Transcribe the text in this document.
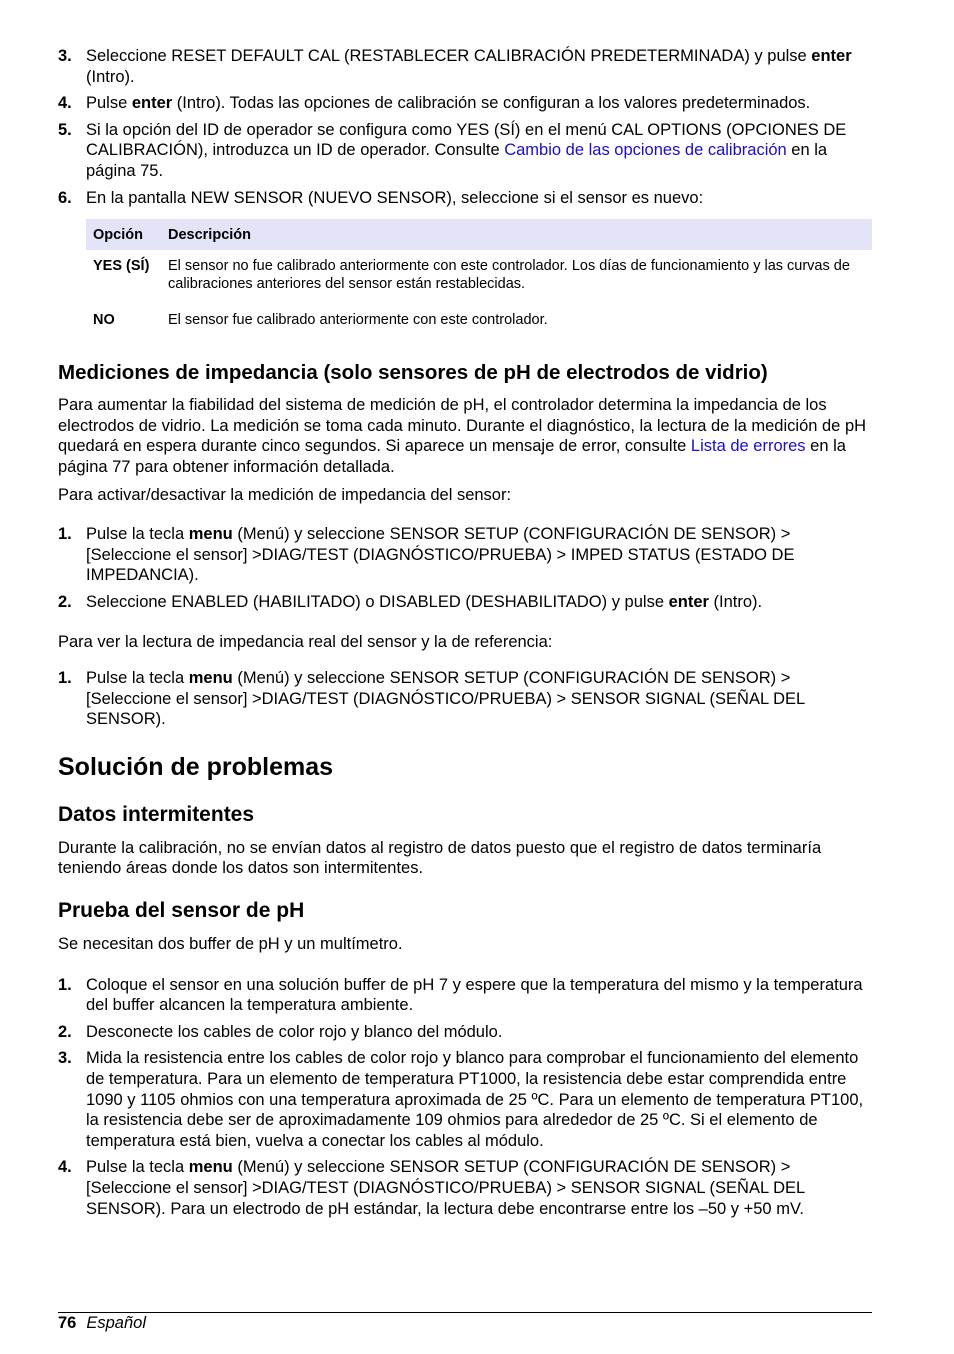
3. Seleccione RESET DEFAULT CAL (RESTABLECER CALIBRACIÓN PREDETERMINADA) y pulse enter (Intro).
4. Pulse enter (Intro). Todas las opciones de calibración se configuran a los valores predeterminados.
5. Si la opción del ID de operador se configura como YES (SÍ) en el menú CAL OPTIONS (OPCIONES DE CALIBRACIÓN), introduzca un ID de operador. Consulte Cambio de las opciones de calibración en la página 75.
6. En la pantalla NEW SENSOR (NUEVO SENSOR), seleccione si el sensor es nuevo:
Opción	Descripción
YES (SÍ)	El sensor no fue calibrado anteriormente con este controlador. Los días de funcionamiento y las curvas de calibraciones anteriores del sensor están restablecidas.
NO	El sensor fue calibrado anteriormente con este controlador.
Mediciones de impedancia (solo sensores de pH de electrodos de vidrio)

Para aumentar la fiabilidad del sistema de medición de pH, el controlador determina la impedancia de los electrodos de vidrio. La medición se toma cada minuto. Durante el diagnóstico, la lectura de la medición de pH quedará en espera durante cinco segundos. Si aparece un mensaje de error, consulte Lista de errores en la página 77 para obtener información detallada.

Para activar/desactivar la medición de impedancia del sensor:

1. Pulse la tecla menu (Menú) y seleccione SENSOR SETUP (CONFIGURACIÓN DE SENSOR) > [Seleccione el sensor] >DIAG/TEST (DIAGNÓSTICO/PRUEBA) > IMPED STATUS (ESTADO DE IMPEDANCIA).
2. Seleccione ENABLED (HABILITADO) o DISABLED (DESHABILITADO) y pulse enter (Intro).

Para ver la lectura de impedancia real del sensor y la de referencia:

1. Pulse la tecla menu (Menú) y seleccione SENSOR SETUP (CONFIGURACIÓN DE SENSOR) > [Seleccione el sensor] >DIAG/TEST (DIAGNÓSTICO/PRUEBA) > SENSOR SIGNAL (SEÑAL DEL SENSOR).
Solución de problemas
Datos intermitentes

Durante la calibración, no se envían datos al registro de datos puesto que el registro de datos terminaría teniendo áreas donde los datos son intermitentes.

Prueba del sensor de pH

Se necesitan dos buffer de pH y un multímetro.

1. Coloque el sensor en una solución buffer de pH 7 y espere que la temperatura del mismo y la temperatura del buffer alcancen la temperatura ambiente.
2. Desconecte los cables de color rojo y blanco del módulo.
3. Mida la resistencia entre los cables de color rojo y blanco para comprobar el funcionamiento del elemento de temperatura. Para un elemento de temperatura PT1000, la resistencia debe estar comprendida entre 1090 y 1105 ohmios con una temperatura aproximada de 25 ºC. Para un elemento de temperatura PT100, la resistencia debe ser de aproximadamente 109 ohmios para alrededor de 25 ºC. Si el elemento de temperatura está bien, vuelva a conectar los cables al módulo.
4. Pulse la tecla menu (Menú) y seleccione SENSOR SETUP (CONFIGURACIÓN DE SENSOR) > [Seleccione el sensor] >DIAG/TEST (DIAGNÓSTICO/PRUEBA) > SENSOR SIGNAL (SEÑAL DEL SENSOR). Para un electrodo de pH estándar, la lectura debe encontrarse entre los –50 y +50 mV.
76 Español
